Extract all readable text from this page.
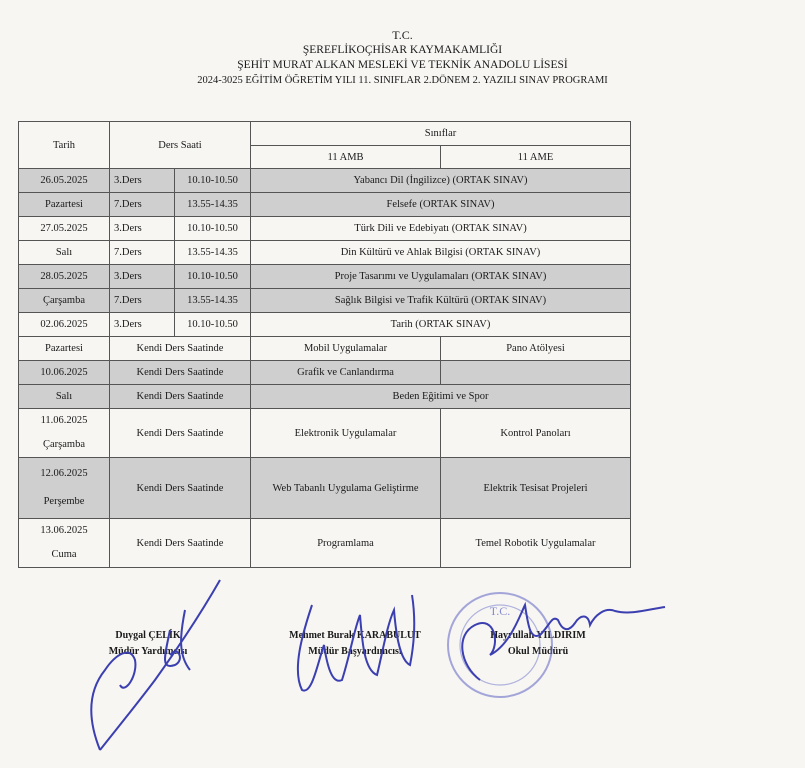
T.C.
ŞEREFLİKOÇHİSAR KAYMAKAMLIĞI
ŞEHİT MURAT ALKAN MESLEKİ VE TEKNİK ANADOLU LİSESİ
2024-3025 EĞİTİM ÖĞRETİM YILI 11. SINIFLAR 2.DÖNEM 2. YAZILI SINAV PROGRAMI
Tarih	Ders Saati		Sınıflar	
			11 AMB	11 AME

26.05.2025	3.Ders	10.10-10.50	Yabancı Dil (İngilizce) (ORTAK SINAV)	

Pazartesi	7.Ders	13.55-14.35	Felsefe (ORTAK SINAV)	

27.05.2025	3.Ders	10.10-10.50	Türk Dili ve Edebiyatı (ORTAK SINAV)	

Salı	7.Ders	13.55-14.35	Din Kültürü ve Ahlak Bilgisi (ORTAK SINAV)	

28.05.2025	3.Ders	10.10-10.50	Proje Tasarımı ve Uygulamaları (ORTAK SINAV)	

Çarşamba	7.Ders	13.55-14.35	Sağlık Bilgisi ve Trafik Kültürü (ORTAK SINAV)	

02.06.2025	3.Ders	10.10-10.50	Tarih (ORTAK SINAV)	

Pazartesi	Kendi Ders Saatinde		Mobil Uygulamalar	Pano Atölyesi

10.06.2025	Kendi Ders Saatinde		Grafik ve Canlandırma	

Salı	Kendi Ders Saatinde		Beden Eğitimi ve Spor	

11.06.2025
Çarşamba	Kendi Ders Saatinde		Elektronik Uygulamalar	Kontrol Panoları

12.06.2025
Perşembe	Kendi Ders Saatinde		Web Tabanlı Uygulama Geliştirme	Elektrik Tesisat Projeleri

13.06.2025
Cuma	Kendi Ders Saatinde		Programlama	Temel Robotik Uygulamalar
Duygal ÇELİK
Müdür Yardımcısı
Mehmet Burak KARABULUT
Müdür Başyardımcısı
Hayrullah YILDIRIM
Okul Müdürü
T.C.
